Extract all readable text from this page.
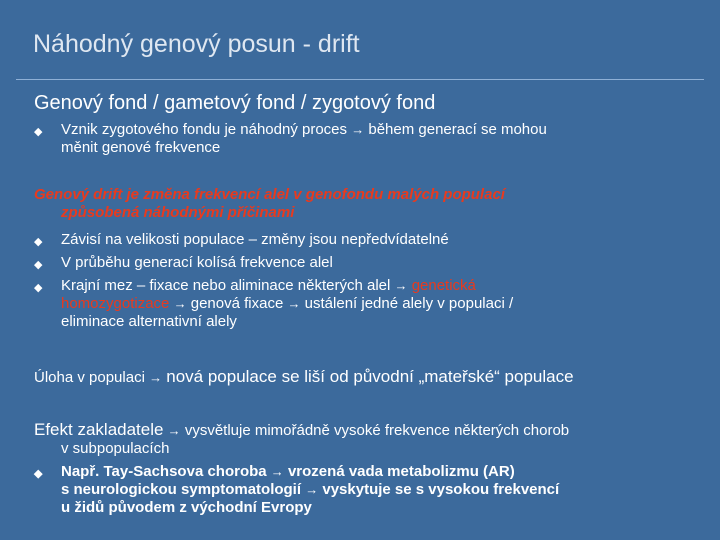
Náhodný genový posun - drift
Genový fond / gametový fond / zygotový fond
◆ Vznik zygotového fondu je náhodný proces → během generací se mohou
měnit genové frekvence
Genový drift je změna frekvencí alel v genofondu malých populací
způsobená náhodnými příčinami
◆ Závisí na velikosti populace – změny jsou nepředvídatelné
◆ V průběhu generací kolísá frekvence alel
◆ Krajní mez – fixace nebo aliminace některých alel → genetická
homozygotizace → genová fixace → ustálení jedné alely v populaci /
eliminace alternativní alely
Úloha v populaci → nová populace se liší od původní „mateřské“ populace
Efekt zakladatele → vysvětluje mimořádně vysoké frekvence některých chorob
v subpopulacích
◆ Např. Tay-Sachsova choroba → vrozená vada metabolizmu (AR)
s neurologickou symptomatologií → vyskytuje se s vysokou frekvencí
u židů původem z východní Evropy
